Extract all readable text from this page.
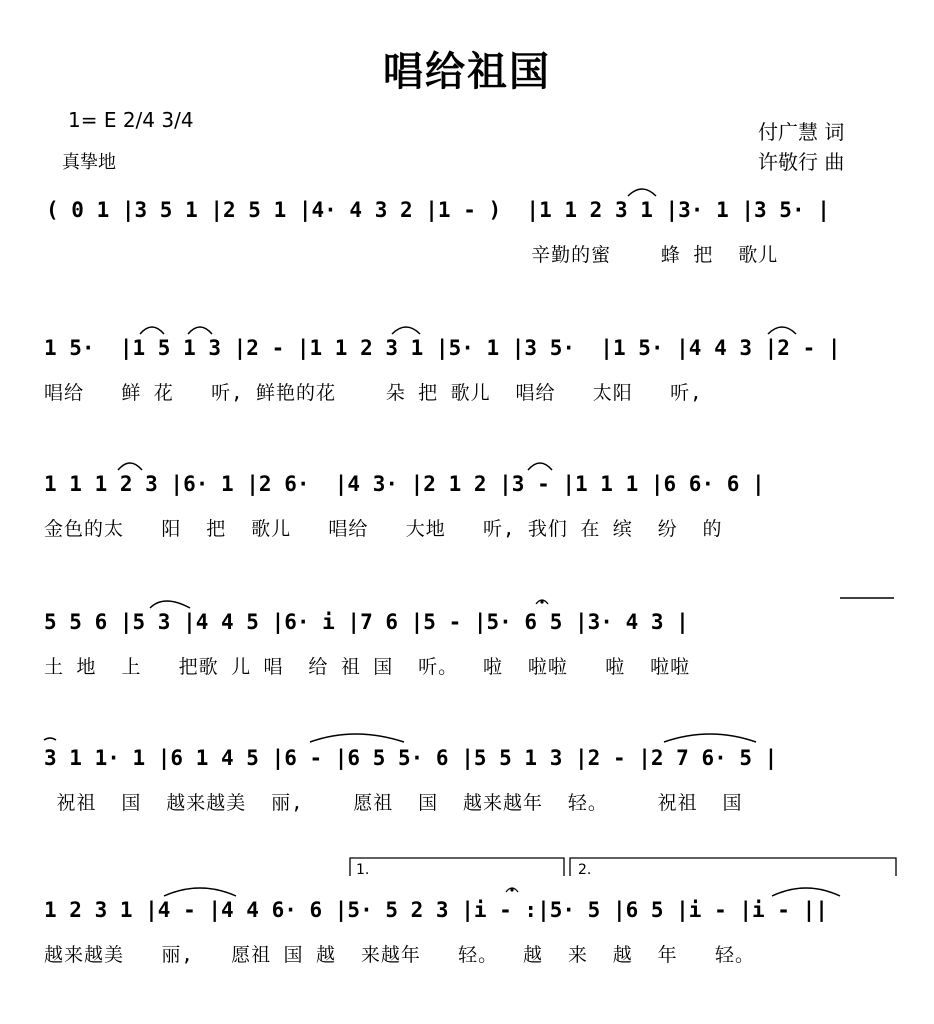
唱给祖国
1= E 2/4 3/4
真挚地
付广慧 词
许敬行 曲
( 0 1 |3 5 1 |2 5 1 |4· 4 3 2 |1 - )  |1 1 2 3 1 |3· 1 |3 5· |
辛勤的蜜    蜂 把  歌儿
1 5·  |1 5 1 3 |2 - |1 1 2 3 1 |5· 1 |3 5·  |1 5· |4 4 3 |2 - |
唱给   鲜 花   听, 鲜艳的花    朵 把 歌儿  唱给   太阳   听,
1 1 1 2 3 |6· 1 |2 6·  |4 3· |2 1 2 |3 - |1 1 1 |6 6· 6 |
金色的太   阳  把  歌儿   唱给   大地   听, 我们 在 缤  纷  的
5 5 6 |5 3 |4 4 5 |6· i |7 6 |5 - |5· 6 5 |3· 4 3 |
土 地  上   把歌 儿 唱  给 祖 国  听。  啦  啦啦   啦  啦啦
3 1 1· 1 |6 1 4 5 |6 - |6 5 5· 6 |5 5 1 3 |2 - |2 7 6· 5 |
祝祖  国  越来越美  丽,    愿祖  国  越来越年  轻。    祝祖  国
1.	2.
1 2 3 1 |4 - |4 4 6· 6 |5· 5 2 3 |i - :|5· 5 |6 5 |i - |i - ||
越来越美   丽,   愿祖 国 越  来越年   轻。  越  来  越  年   轻。
